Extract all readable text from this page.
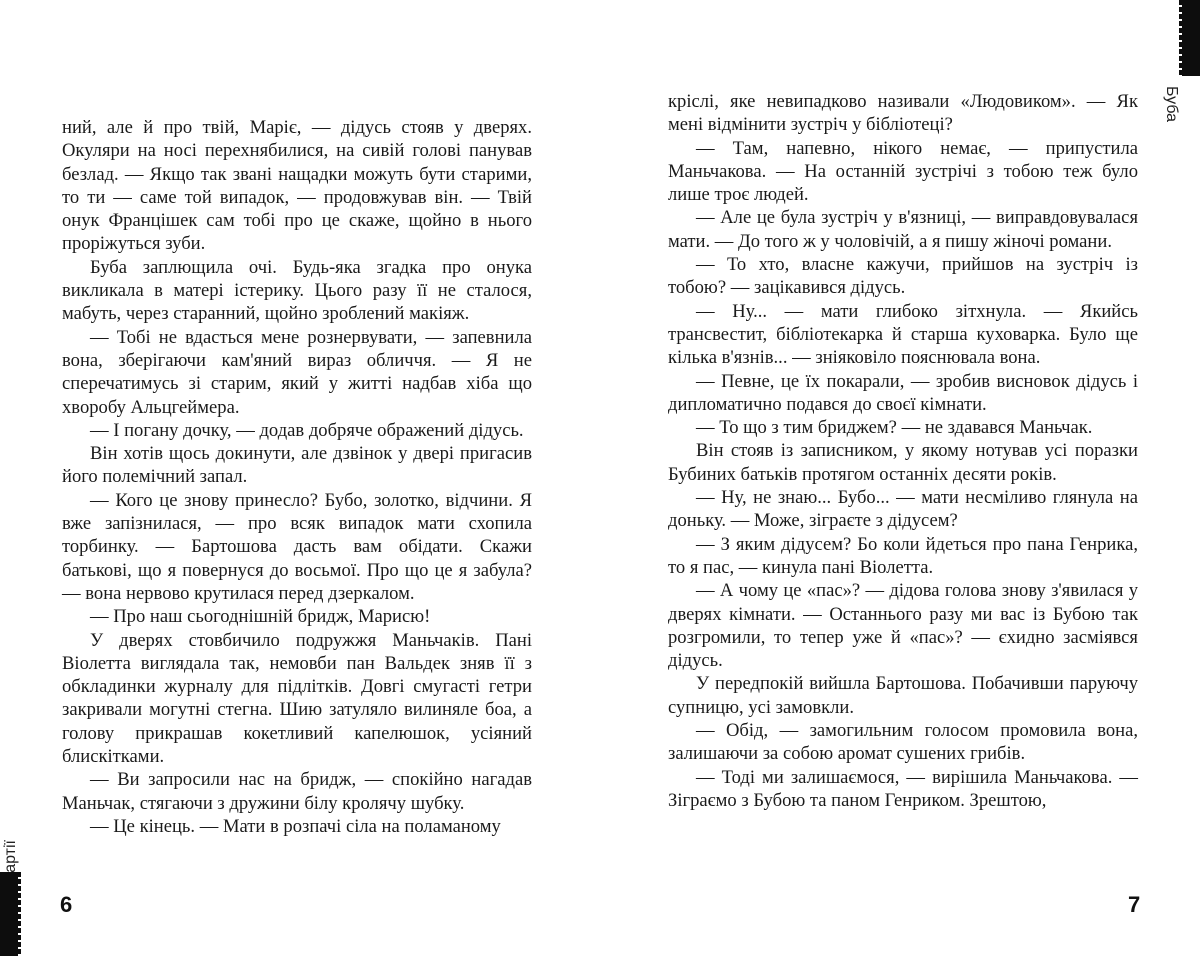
ний, але й про твій, Маріє, — дідусь стояв у дверях. Окуляри на носі перехнябилися, на сивій голові панував безлад. — Якщо так звані нащадки можуть бути старими, то ти — саме той випадок, — продовжував він. — Твій онук Францішек сам тобі про це скаже, щойно в нього проріжуться зуби.

Буба заплющила очі. Будь-яка згадка про онука викликала в матері істерику. Цього разу її не сталося, мабуть, через старанний, щойно зроблений макіяж.

— Тобі не вдасться мене рознервувати, — запевнила вона, зберігаючи кам'яний вираз обличчя. — Я не сперечатимусь зі старим, який у житті надбав хіба що хворобу Альцгеймера.

— І погану дочку, — додав добряче ображений дідусь.

Він хотів щось докинути, але дзвінок у двері пригасив його полемічний запал.

— Кого це знову принесло? Бубо, золотко, відчини. Я вже запізнилася, — про всяк випадок мати схопила торбинку. — Бартошова дасть вам обідати. Скажи батькові, що я повернуся до восьмої. Про що це я забула? — вона нервово крутилася перед дзеркалом.

— Про наш сьогоднішній бридж, Марисю!

У дверях стовбичило подружжя Маньчаків. Пані Віолетта виглядала так, немовби пан Вальдек зняв її з обкладинки журналу для підлітків. Довгі смугасті гетри закривали могутні стегна. Шию затуляло вилиняле боа, а голову прикрашав кокетливий капелюшок, усіяний блискітками.

— Ви запросили нас на бридж, — спокійно нагадав Маньчак, стягаючи з дружини білу кролячу шубку.

— Це кінець. — Мати в розпачі сіла на поламаному

6

кріслі, яке невипадково називали «Людовиком». — Як мені відмінити зустріч у бібліотеці?

— Там, напевно, нікого немає, — припустила Маньчакова. — На останній зустрічі з тобою теж було лише троє людей.

— Але це була зустріч у в'язниці, — виправдовувалася мати. — До того ж у чоловічій, а я пишу жіночі романи.

— То хто, власне кажучи, прийшов на зустріч із тобою? — зацікавився дідусь.

— Ну... — мати глибоко зітхнула. — Якийсь трансвестит, бібліотекарка й старша куховарка. Було ще кілька в'язнів... — зніяковіло пояснювала вона.

— Певне, це їх покарали, — зробив висновок дідусь і дипломатично подався до своєї кімнати.

— То що з тим бриджем? — не здавався Маньчак.

Він стояв із записником, у якому нотував усі поразки Бубиних батьків протягом останніх десяти років.

— Ну, не знаю... Бубо... — мати несміливо глянула на доньку. — Може, зіграєте з дідусем?

— З яким дідусем? Бо коли йдеться про пана Генрика, то я пас, — кинула пані Віолетта.

— А чому це «пас»? — дідова голова знову з'явилася у дверях кімнати. — Останнього разу ми вас із Бубою так розгромили, то тепер уже й «пас»? — єхидно засміявся дідусь.

У передпокій вийшла Бартошова. Побачивши паруючу супницю, усі замовкли.

— Обід, — замогильним голосом промовила вона, залишаючи за собою аромат сушених грибів.

— Тоді ми залишаємося, — вирішила Маньчакова. — Зіграємо з Бубою та паном Генриком. Зрештою,

7
Буба
